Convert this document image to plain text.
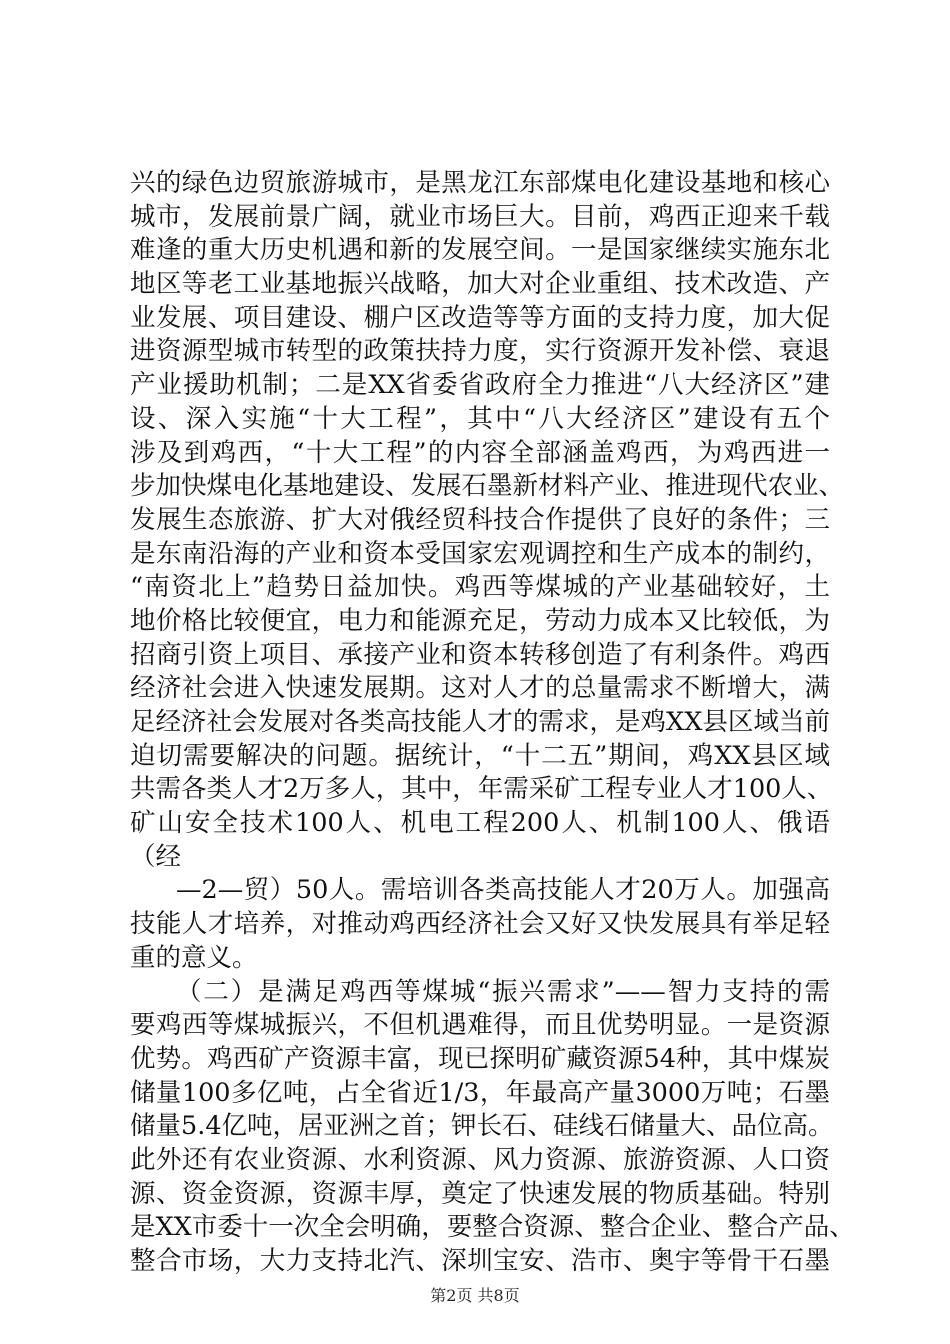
兴的绿色边贸旅游城市，是黑龙江东部煤电化建设基地和核心
城市，发展前景广阔，就业市场巨大。目前，鸡西正迎来千载
难逢的重大历史机遇和新的发展空间。一是国家继续实施东北
地区等老工业基地振兴战略，加大对企业重组、技术改造、产
业发展、项目建设、棚户区改造等等方面的支持力度，加大促
进资源型城市转型的政策扶持力度，实行资源开发补偿、衰退
产业援助机制；二是XX省委省政府全力推进“八大经济区”建
设、深入实施“十大工程”，其中“八大经济区”建设有五个
涉及到鸡西，“十大工程”的内容全部涵盖鸡西，为鸡西进一
步加快煤电化基地建设、发展石墨新材料产业、推进现代农业、
发展生态旅游、扩大对俄经贸科技合作提供了良好的条件；三
是东南沿海的产业和资本受国家宏观调控和生产成本的制约，
“南资北上”趋势日益加快。鸡西等煤城的产业基础较好，土
地价格比较便宜，电力和能源充足，劳动力成本又比较低，为
招商引资上项目、承接产业和资本转移创造了有利条件。鸡西
经济社会进入快速发展期。这对人才的总量需求不断增大，满
足经济社会发展对各类高技能人才的需求，是鸡XX县区域当前
迫切需要解决的问题。据统计，“十二五”期间，鸡XX县区域
共需各类人才2万多人，其中，年需采矿工程专业人才100人、
矿山安全技术100人、机电工程200人、机制100人、俄语
（经
—2—贸）50人。需培训各类高技能人才20万人。加强高
技能人才培养，对推动鸡西经济社会又好又快发展具有举足轻
重的意义。
（二）是满足鸡西等煤城“振兴需求”——智力支持的需
要鸡西等煤城振兴，不但机遇难得，而且优势明显。一是资源
优势。鸡西矿产资源丰富，现已探明矿藏资源54种，其中煤炭
储量100多亿吨，占全省近1/3，年最高产量3000万吨；石墨
储量5.4亿吨，居亚洲之首；钾长石、硅线石储量大、品位高。
此外还有农业资源、水利资源、风力资源、旅游资源、人口资
源、资金资源，资源丰厚，奠定了快速发展的物质基础。特别
是XX市委十一次全会明确，要整合资源、整合企业、整合产品、
整合市场，大力支持北汽、深圳宝安、浩市、奥宇等骨干石墨
第2页 共8页
